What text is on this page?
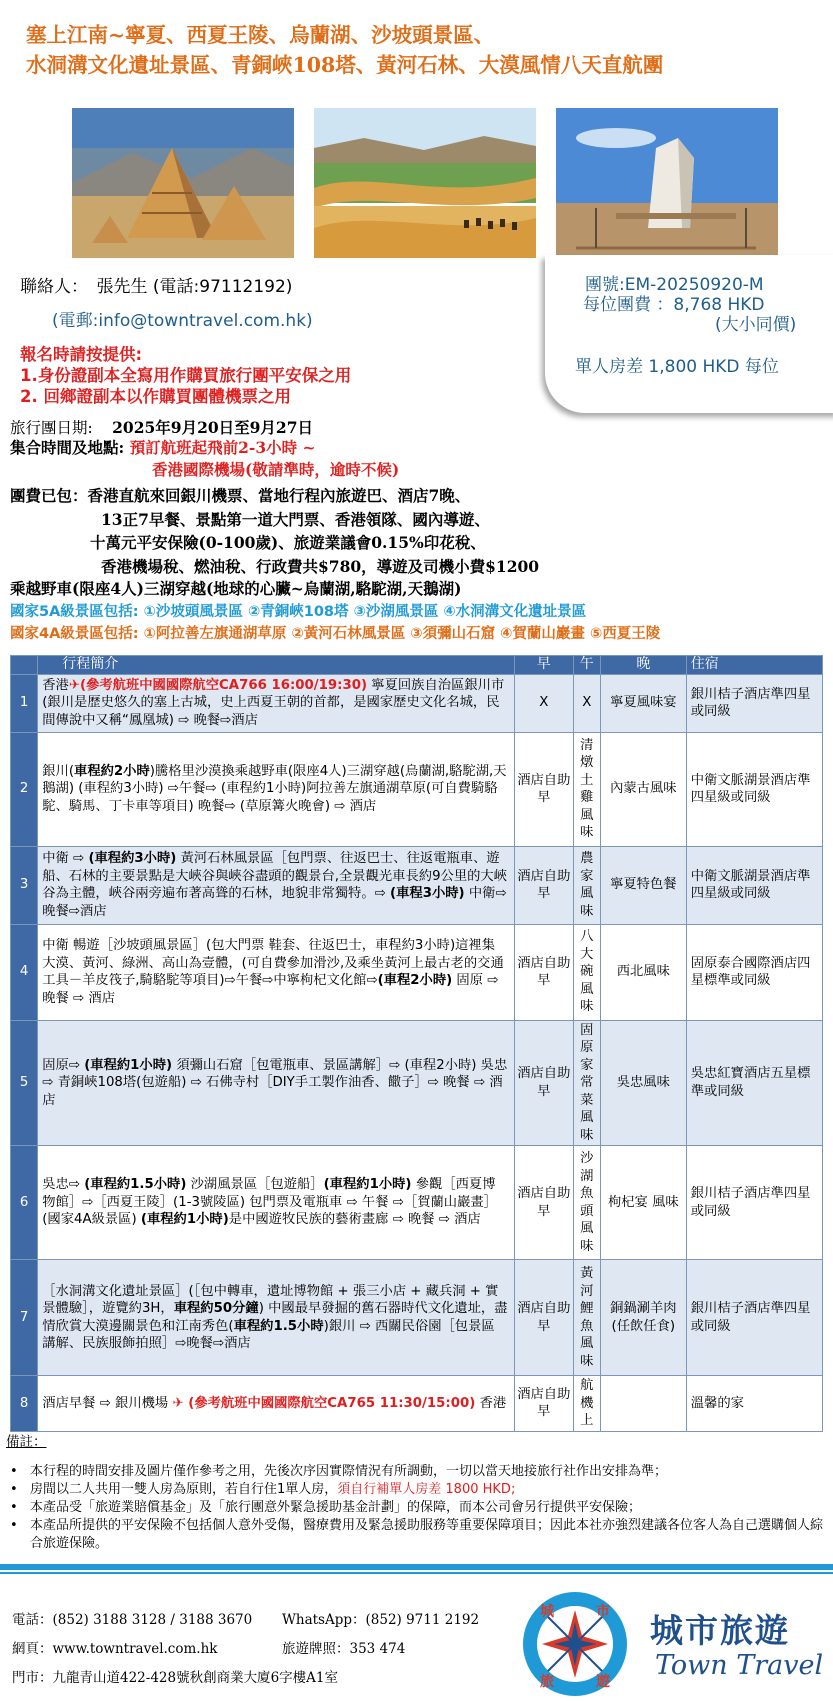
塞上江南~寧夏、西夏王陵、烏蘭湖、沙坡頭景區、
水洞溝文化遺址景區、青銅峽108塔、黃河石林、大漠風情八天直航團
聯絡人：　張先生 (電話:97112192)
(電郵:info@towntravel.com.hk)
報名時請按提供:
1.身份證副本全寫用作購買旅行團平安保之用
2. 回鄉證副本以作購買團體機票之用
團號:EM-20250920-M
每位團費 ：8,768 HKD
(大小同價)
單人房差 1,800 HKD 每位
旅行團日期: 2025年9月20日至9月27日
集合時間及地點: 預訂航班起飛前2-3小時 ~
香港國際機場(敬請準時，逾時不候)
團費已包：香港直航來回銀川機票、當地行程內旅遊巴、酒店7晚、
13正7早餐、景點第一道大門票、香港領隊、國內導遊、
十萬元平安保險(0-100歲)、旅遊業議會0.15%印花稅、
香港機場稅、燃油稅、行政費共$780，導遊及司機小費$1200
乘越野車(限座4人)三湖穿越(地球的心臟~烏蘭湖,駱駝湖,天鵝湖)
國家5A級景區包括: ①沙坡頭風景區 ②青銅峽108塔 ③沙湖風景區 ④水洞溝文化遺址景區
國家4A級景區包括: ①阿拉善左旗通湖草原 ②黃河石林風景區 ③須彌山石窟 ④賀蘭山巖畫 ⑤西夏王陵
	行程簡介	早	午	晚	住宿
1	香港✈(參考航班中國國際航空CA766 16:00/19:30) 寧夏回族自治區銀川市(銀川是歷史悠久的塞上古城，史上西夏王朝的首都，是國家歷史文化名城，民間傳說中又稱“鳳凰城) ⇨ 晚餐⇨酒店	X	X	寧夏風味宴	銀川桔子酒店準四星或同級
2	銀川(車程約2小時)騰格里沙漠換乘越野車(限座4人)三湖穿越(烏蘭湖,駱駝湖,天鵝湖) (車程約3小時) ⇨午餐⇨ (車程約1小時)阿拉善左旗通湖草原(可自費騎駱駝、騎馬、丁卡車等項目) 晚餐⇨ (草原篝火晚會) ⇨ 酒店	酒店自助早	清燉土雞風味	內蒙古風味	中衛文脈湖景酒店準四星級或同級
3	中衛 ⇨ (車程約3小時) 黃河石林風景區［包門票、往返巴士、往返電瓶車、遊船、石林的主要景點是大峽谷與峽谷盡頭的觀景台,全景觀光車長約9公里的大峽谷為主體，峽谷兩旁遍布著高聳的石林，地貌非常獨特。⇨ (車程3小時) 中衛⇨晚餐⇨酒店	酒店自助早	農家風味	寧夏特色餐	中衛文脈湖景酒店準四星級或同級
4	中衛 暢遊［沙坡頭風景區］(包大門票 鞋套、往返巴士，車程約3小時)這裡集大漠、黃河、綠洲、高山為壹體，(可自費參加滑沙,及乘坐黃河上最古老的交通工具－羊皮筏子,騎駱駝等項目)⇨午餐⇨中寧枸杞文化館⇨(車程2小時) 固原 ⇨ 晚餐 ⇨ 酒店	酒店自助早	八大碗風味	西北風味	固原泰合國際酒店四星標準或同級
5	固原⇨ (車程約1小時) 須彌山石窟［包電瓶車、景區講解］⇨ (車程2小時) 吳忠 ⇨ 青銅峽108塔(包遊船) ⇨ 石佛寺村［DIY手工製作油香、饊子］⇨ 晚餐 ⇨ 酒店	酒店自助早	固原家常菜風味	吳忠風味	吳忠紅寶酒店五星標準或同級
6	吳忠⇨ (車程約1.5小時) 沙湖風景區［包遊船］(車程約1小時) 參觀［西夏博物館］⇨［西夏王陵］(1-3號陵區) 包門票及電瓶車 ⇨ 午餐 ⇨［賀蘭山巖畫］(國家4A級景區) (車程約1小時)是中國遊牧民族的藝術畫廊 ⇨ 晚餐 ⇨ 酒店	酒店自助早	沙湖魚頭風味	枸杞宴 風味	銀川桔子酒店準四星或同級
7	［水洞溝文化遺址景區］(［包中轉車，遺址博物館 + 張三小店 + 藏兵洞 + 實景體驗］，遊覽約3H，車程約50分鐘) 中國最早發掘的舊石器時代文化遺址，盡情欣賞大漠邊關景色和江南秀色(車程約1.5小時)銀川 ⇨ 西關民俗園［包景區講解、民族服飾拍照］⇨晚餐⇨酒店	酒店自助早	黃河鯉魚風味	銅鍋涮羊肉(任飲任食)	銀川桔子酒店準四星或同級
8	酒店早餐 ⇨ 銀川機場 ✈ (參考航班中國國際航空CA765 11:30/15:00) 香港	酒店自助早	航機上		溫馨的家
備註：
• 本行程的時間安排及圖片僅作參考之用，先後次序因實際情況有所調動，一切以當天地接旅行社作出安排為準；
• 房間以二人共用一雙人房為原則，若自行住1單人房，須自行補單人房差 1800 HKD;
• 本產品受「旅遊業賠償基金」及「旅行團意外緊急援助基金計劃」的保障，而本公司會另行提供平安保險；
• 本產品所提供的平安保險不包括個人意外受傷，醫療費用及緊急援助服務等重要保障項目；因此本社亦強烈建議各位客人為自己選購個人綜合旅遊保險。
電話：(852) 3188 3128 / 3188 3670 WhatsApp：(852) 9711 2192
網頁：www.towntravel.com.hk	旅遊牌照：353 474
門市：九龍青山道422-428號秋創商業大廈6字樓A1室
城	市
旅	遊
城市旅遊
Town Travel
